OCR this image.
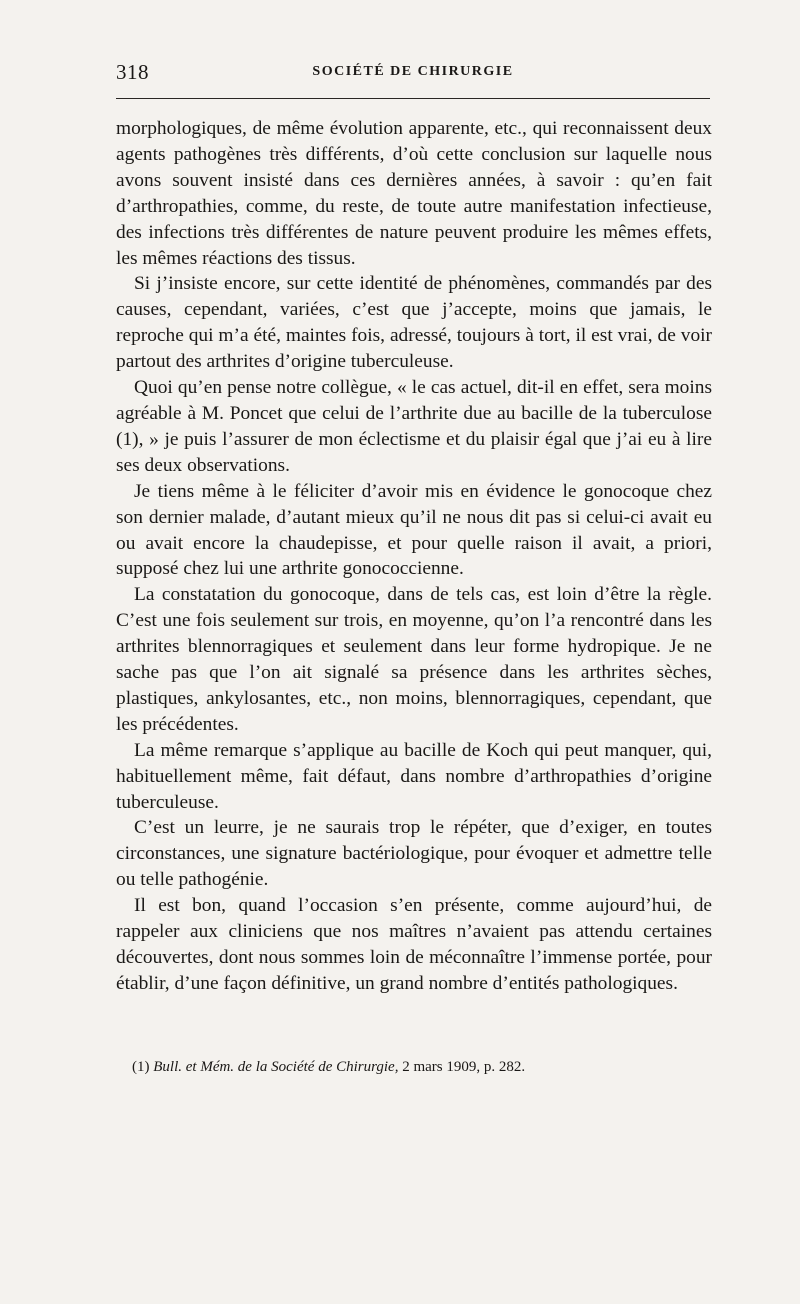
318	SOCIÉTÉ DE CHIRURGIE

morphologiques, de même évolution apparente, etc., qui reconnaissent deux agents pathogènes très différents, d’où cette conclusion sur laquelle nous avons souvent insisté dans ces dernières années, à savoir : qu’en fait d’arthropathies, comme, du reste, de toute autre manifestation infectieuse, des infections très différentes de nature peuvent produire les mêmes effets, les mêmes réactions des tissus.

Si j’insiste encore, sur cette identité de phénomènes, commandés par des causes, cependant, variées, c’est que j’accepte, moins que jamais, le reproche qui m’a été, maintes fois, adressé, toujours à tort, il est vrai, de voir partout des arthrites d’origine tuberculeuse.

Quoi qu’en pense notre collègue, « le cas actuel, dit-il en effet, sera moins agréable à M. Poncet que celui de l’arthrite due au bacille de la tuberculose (1), » je puis l’assurer de mon éclectisme et du plaisir égal que j’ai eu à lire ses deux observations.

Je tiens même à le féliciter d’avoir mis en évidence le gonocoque chez son dernier malade, d’autant mieux qu’il ne nous dit pas si celui-ci avait eu ou avait encore la chaudepisse, et pour quelle raison il avait, a priori, supposé chez lui une arthrite gonococcienne.

La constatation du gonocoque, dans de tels cas, est loin d’être la règle. C’est une fois seulement sur trois, en moyenne, qu’on l’a rencontré dans les arthrites blennorragiques et seulement dans leur forme hydropique. Je ne sache pas que l’on ait signalé sa présence dans les arthrites sèches, plastiques, ankylosantes, etc., non moins, blennorragiques, cependant, que les précédentes.

La même remarque s’applique au bacille de Koch qui peut manquer, qui, habituellement même, fait défaut, dans nombre d’arthropathies d’origine tuberculeuse.

C’est un leurre, je ne saurais trop le répéter, que d’exiger, en toutes circonstances, une signature bactériologique, pour évoquer et admettre telle ou telle pathogénie.

Il est bon, quand l’occasion s’en présente, comme aujourd’hui, de rappeler aux cliniciens que nos maîtres n’avaient pas attendu certaines découvertes, dont nous sommes loin de méconnaître l’immense portée, pour établir, d’une façon définitive, un grand nombre d’entités pathologiques.

(1) Bull. et Mém. de la Société de Chirurgie, 2 mars 1909, p. 282.
